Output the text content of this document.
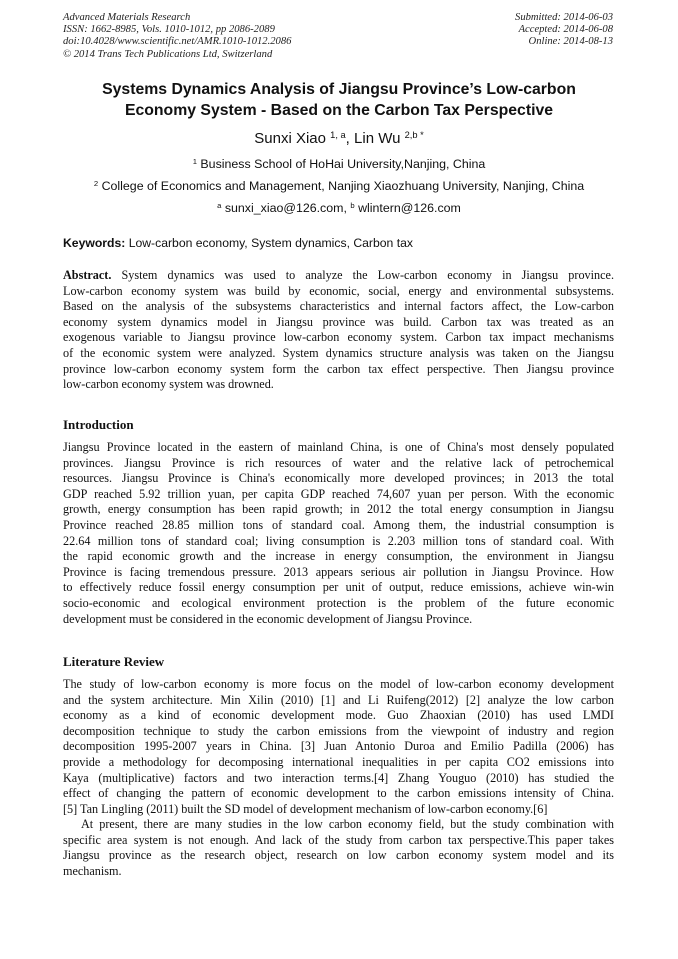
Advanced Materials Research
ISSN: 1662-8985, Vols. 1010-1012, pp 2086-2089
doi:10.4028/www.scientific.net/AMR.1010-1012.2086
© 2014 Trans Tech Publications Ltd, Switzerland
Submitted: 2014-06-03
Accepted: 2014-06-08
Online: 2014-08-13
Systems Dynamics Analysis of Jiangsu Province’s Low-carbon
Economy System - Based on the Carbon Tax Perspective
Sunxi Xiao $^{1, a}$, Lin Wu $^{2,b *}$
$^1$ Business School of HoHai University,Nanjing, China
$^2$ College of Economics and Management, Nanjing Xiaozhuang University, Nanjing, China
$^a$ sunxi_xiao@126.com, $^b$ wlintern@126.com
Keywords: Low-carbon economy, System dynamics, Carbon tax
Abstract. System dynamics was used to analyze the Low-carbon economy in Jiangsu province.
Low-carbon economy system was build by economic, social, energy and environmental subsystems.
Based on the analysis of the subsystems characteristics and internal factors affect, the Low-carbon
economy system dynamics model in Jiangsu province was build. Carbon tax was treated as an
exogenous variable to Jiangsu province low-carbon economy system. Carbon tax impact mechanisms
of the economic system were analyzed. System dynamics structure analysis was taken on the Jiangsu
province low-carbon economy system form the carbon tax effect perspective. Then Jiangsu province
low-carbon economy system was drowned.
Introduction
Jiangsu Province located in the eastern of mainland China, is one of China's most densely populated
provinces. Jiangsu Province is rich resources of water and the relative lack of petrochemical
resources. Jiangsu Province is China's economically more developed provinces; in 2013 the total
GDP reached 5.92 trillion yuan, per capita GDP reached 74,607 yuan per person. With the economic
growth, energy consumption has been rapid growth; in 2012 the total energy consumption in Jiangsu
Province reached 28.85 million tons of standard coal. Among them, the industrial consumption is
22.64 million tons of standard coal; living consumption is 2.203 million tons of standard coal. With
the rapid economic growth and the increase in energy consumption, the environment in Jiangsu
Province is facing tremendous pressure. 2013 appears serious air pollution in Jiangsu Province. How
to effectively reduce fossil energy consumption per unit of output, reduce emissions, achieve win-win
socio-economic and ecological environment protection is the problem of the future economic
development must be considered in the economic development of Jiangsu Province.
Literature Review
The study of low-carbon economy is more focus on the model of low-carbon economy development
and the system architecture. Min Xilin (2010) [1] and Li Ruifeng(2012) [2] analyze the low carbon
economy as a kind of economic development mode. Guo Zhaoxian (2010) has used LMDI
decomposition technique to study the carbon emissions from the viewpoint of industry and region
decomposition 1995-2007 years in China. [3] Juan Antonio Duroa and Emilio Padilla (2006) has
provide a methodology for decomposing international inequalities in per capita CO2 emissions into
Kaya (multiplicative) factors and two interaction terms.[4] Zhang Youguo (2010) has studied the
effect of changing the pattern of economic development to the carbon emissions intensity of China.
[5] Tan Lingling (2011) built the SD model of development mechanism of low-carbon economy.[6]
At present, there are many studies in the low carbon economy field, but the study combination with
specific area system is not enough. And lack of the study from carbon tax perspective.This paper takes
Jiangsu province as the research object, research on low carbon economy system model and its
mechanism.
